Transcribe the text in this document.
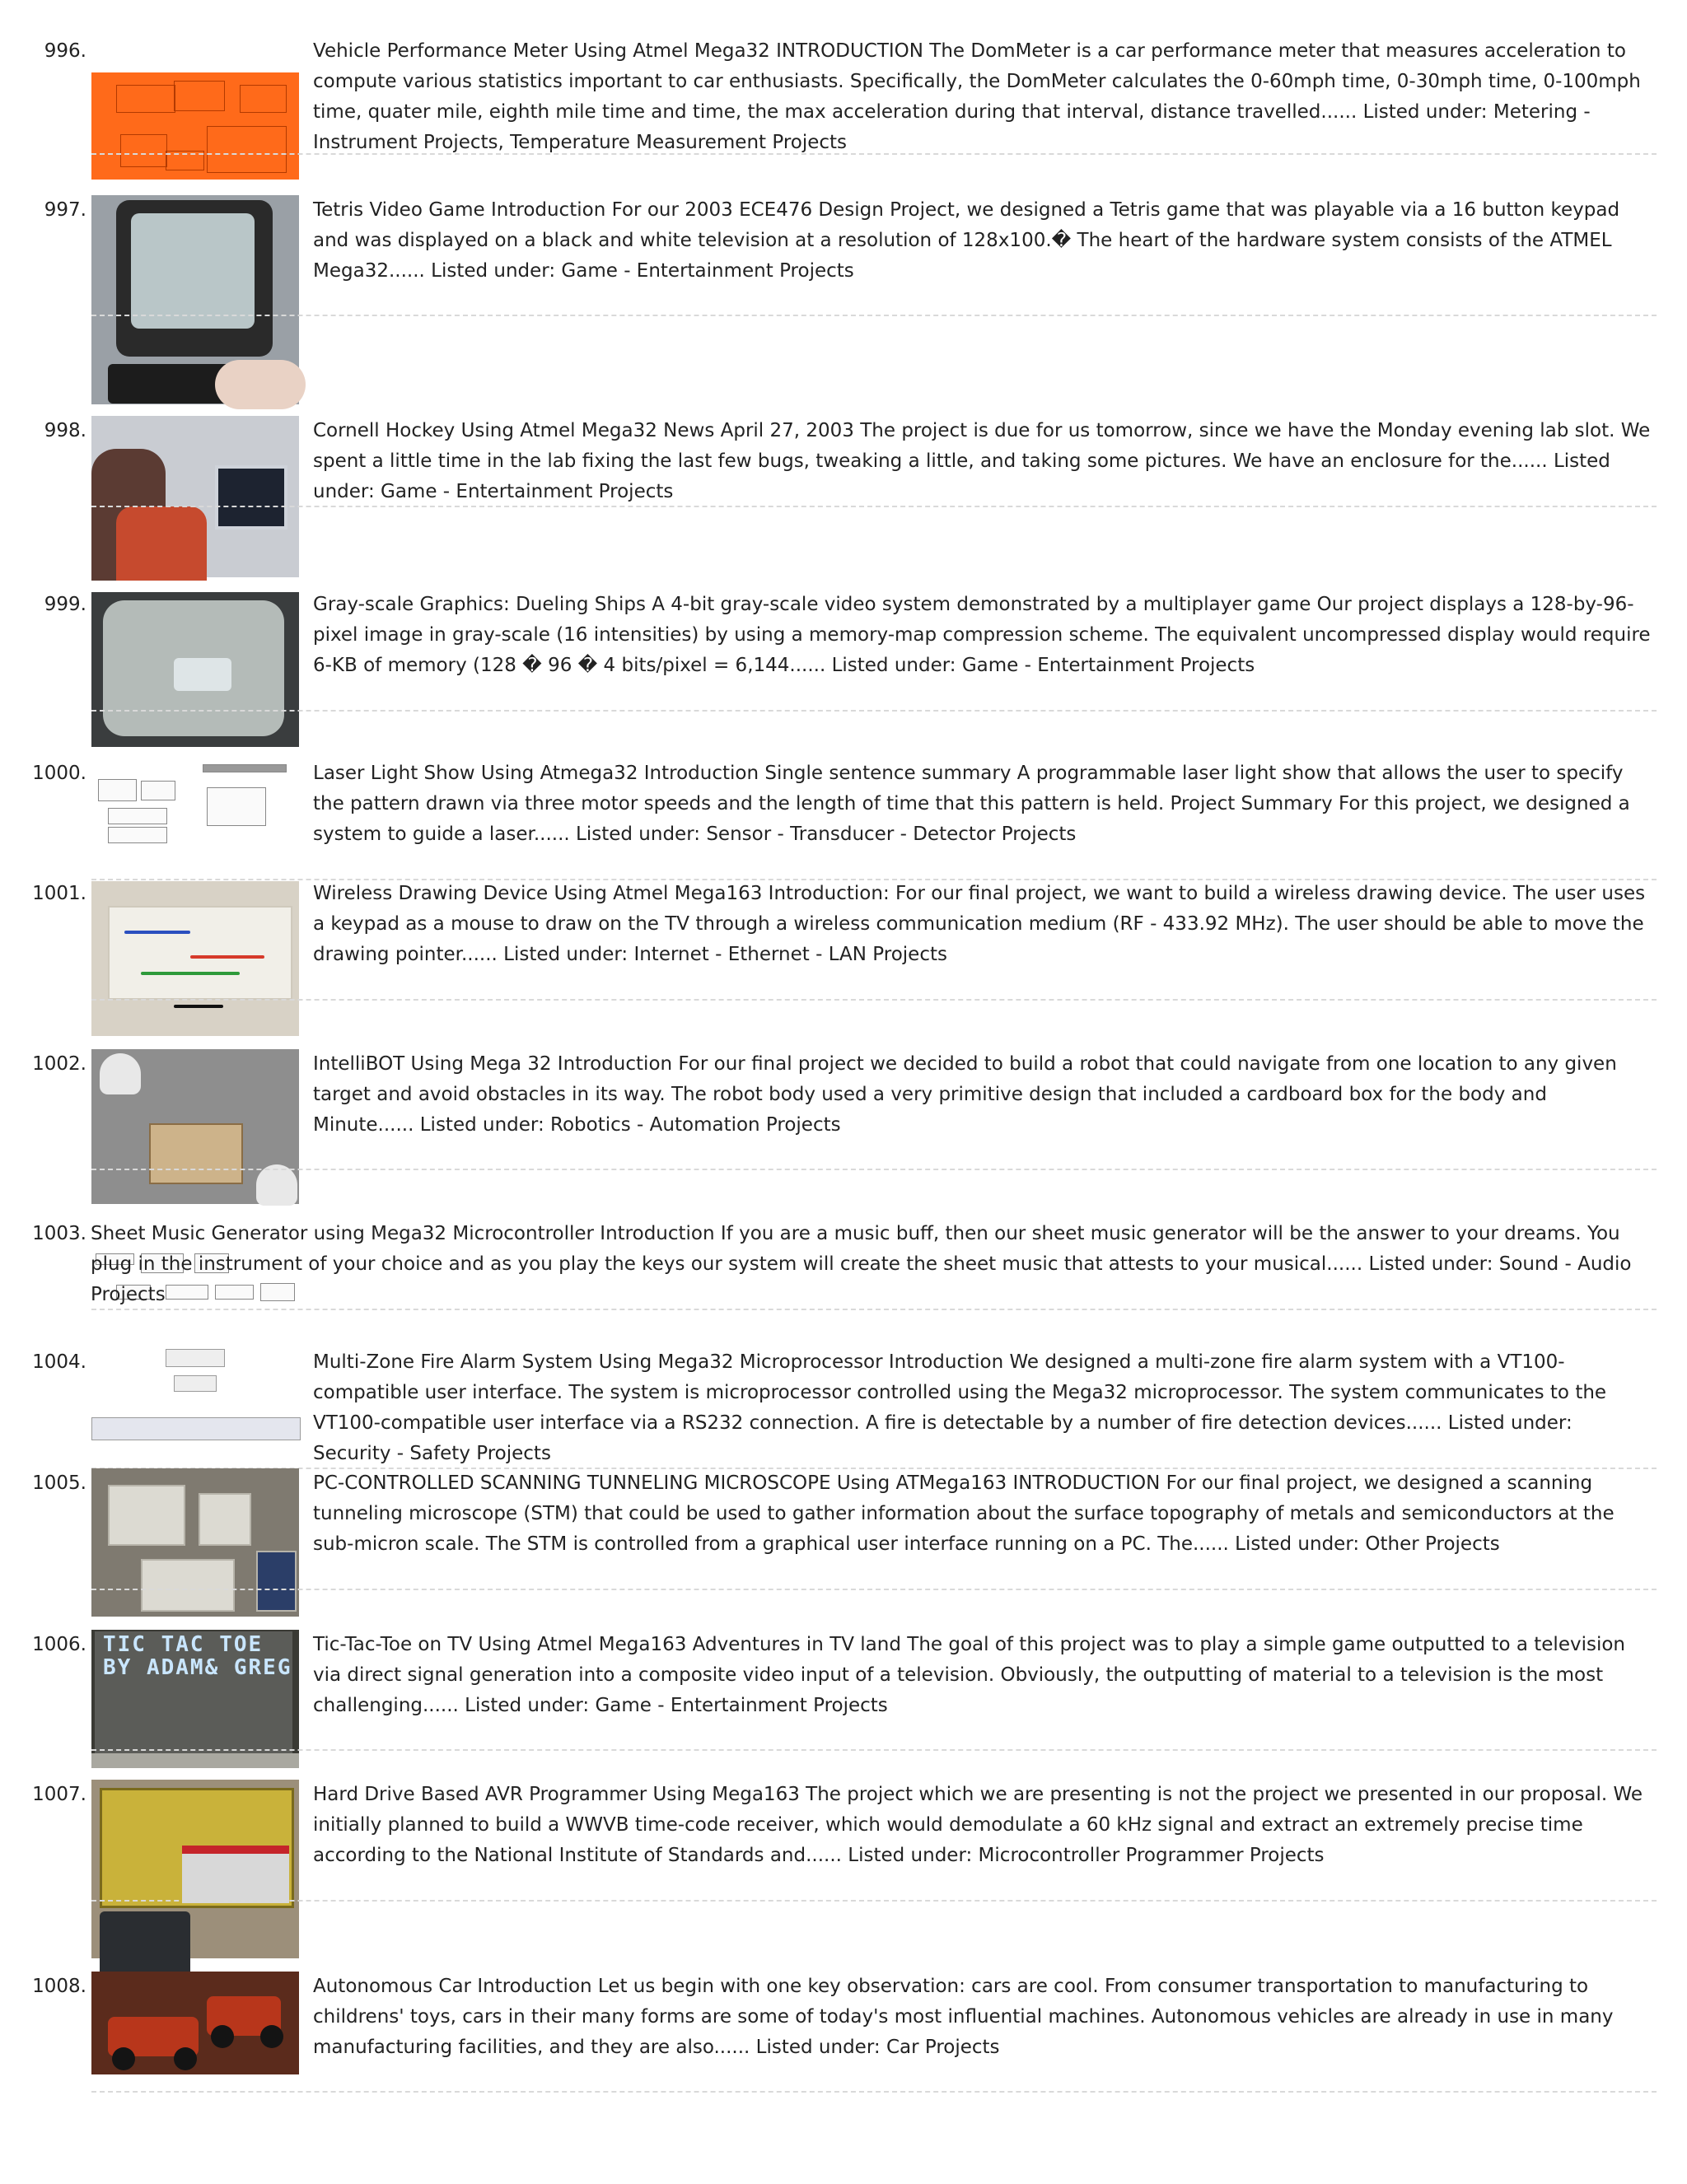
996.	Vehicle Performance Meter Using Atmel Mega32 INTRODUCTION The DomMeter is a car performance meter that measures acceleration to compute various statistics important to car enthusiasts. Specifically, the DomMeter calculates the 0-60mph time, 0-30mph time, 0-100mph time, quater mile, eighth mile time and time, the max acceleration during that interval, distance travelled...... Listed under: Metering - Instrument Projects, Temperature Measurement Projects

997.	Tetris Video Game Introduction For our 2003 ECE476 Design Project, we designed a Tetris game that was playable via a 16 button keypad and was displayed on a black and white television at a resolution of 128x100.� The heart of the hardware system consists of the ATMEL Mega32...... Listed under: Game - Entertainment Projects

998.	Cornell Hockey Using Atmel Mega32 News April 27, 2003 The project is due for us tomorrow, since we have the Monday evening lab slot. We spent a little time in the lab fixing the last few bugs, tweaking a little, and taking some pictures. We have an enclosure for the...... Listed under: Game - Entertainment Projects

999.	Gray-scale Graphics: Dueling Ships A 4-bit gray-scale video system demonstrated by a multiplayer game Our project displays a 128-by-96-pixel image in gray-scale (16 intensities) by using a memory-map compression scheme. The equivalent uncompressed display would require 6-KB of memory (128 � 96 � 4 bits/pixel = 6,144...... Listed under: Game - Entertainment Projects

1000.	Laser Light Show Using Atmega32 Introduction Single sentence summary A programmable laser light show that allows the user to specify the pattern drawn via three motor speeds and the length of time that this pattern is held. Project Summary For this project, we designed a system to guide a laser...... Listed under: Sensor - Transducer - Detector Projects

1001.	Wireless Drawing Device Using Atmel Mega163 Introduction: For our final project, we want to build a wireless drawing device. The user uses a keypad as a mouse to draw on the TV through a wireless communication medium (RF - 433.92 MHz). The user should be able to move the drawing pointer...... Listed under: Internet - Ethernet - LAN Projects

1002.	IntelliBOT Using Mega 32 Introduction For our final project we decided to build a robot that could navigate from one location to any given target and avoid obstacles in its way. The robot body used a very primitive design that included a cardboard box for the body and Minute...... Listed under: Robotics - Automation Projects

1003. Sheet Music Generator using Mega32 Microcontroller Introduction If you are a music buff, then our sheet music generator will be the answer to your dreams. You plug in the instrument of your choice and as you play the keys our system will create the sheet music that attests to your musical...... Listed under: Sound - Audio Projects

1004.	Multi-Zone Fire Alarm System Using Mega32 Microprocessor Introduction We designed a multi-zone fire alarm system with a VT100-compatible user interface. The system is microprocessor controlled using the Mega32 microprocessor. The system communicates to the VT100-compatible user interface via a RS232 connection. A fire is detectable by a number of fire detection devices...... Listed under: Security - Safety Projects

1005.	PC-CONTROLLED SCANNING TUNNELING MICROSCOPE Using ATMega163 INTRODUCTION For our final project, we designed a scanning tunneling microscope (STM) that could be used to gather information about the surface topography of metals and semiconductors at the sub-micron scale. The STM is controlled from a graphical user interface running on a PC. The...... Listed under: Other Projects

1006. TIC TAC TOE BY ADAM& GREG

Tic-Tac-Toe on TV Using Atmel Mega163 Adventures in TV land The goal of this project was to play a simple game outputted to a television via direct signal generation into a composite video input of a television. Obviously, the outputting of material to a television is the most challenging...... Listed under: Game - Entertainment Projects

1007.	Hard Drive Based AVR Programmer Using Mega163 The project which we are presenting is not the project we presented in our proposal. We initially planned to build a WWVB time-code receiver, which would demodulate a 60 kHz signal and extract an extremely precise time according to the National Institute of Standards and...... Listed under: Microcontroller Programmer Projects

1008.	Autonomous Car Introduction Let us begin with one key observation: cars are cool. From consumer transportation to manufacturing to childrens' toys, cars in their many forms are some of today's most influential machines. Autonomous vehicles are already in use in many manufacturing facilities, and they are also...... Listed under: Car Projects
